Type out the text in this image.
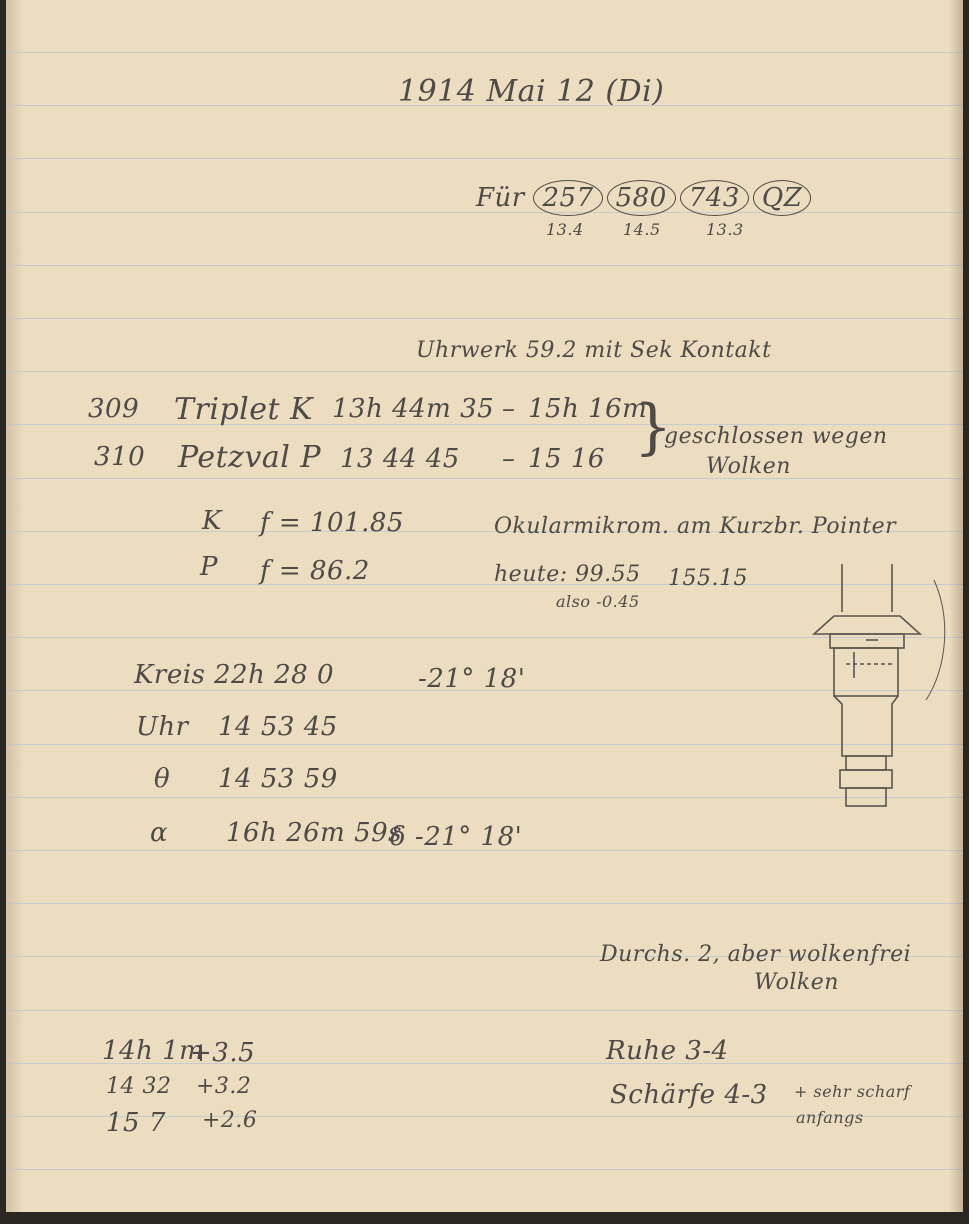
1914 Mai 12 (Di)
Für 257 580 743 QZ
13.4 14.5	13.3
Uhrwerk 59.2 mit Sek Kontakt
309 Triplet K 13h 44m 35 – 15h 16m
310 Petzval P 13 44 45 – 15 16 }
geschlossen wegen
Wolken
K f = 101.85
P f = 86.2
Okularmikrom. am Kurzbr. Pointer
heute: 99.55 155.15
also -0.45
Kreis 22h 28 0	-21° 18'
Uhr 14 53 45
θ 14 53 59
α 16h 26m 59s
δ -21° 18'
Durchs. 2, aber wolkenfrei
Wolken
14h 1m
+3.5
14 32 +3.2
15 7 +2.6
Ruhe 3-4
Schärfe 4-3 + sehr scharf
anfangs
